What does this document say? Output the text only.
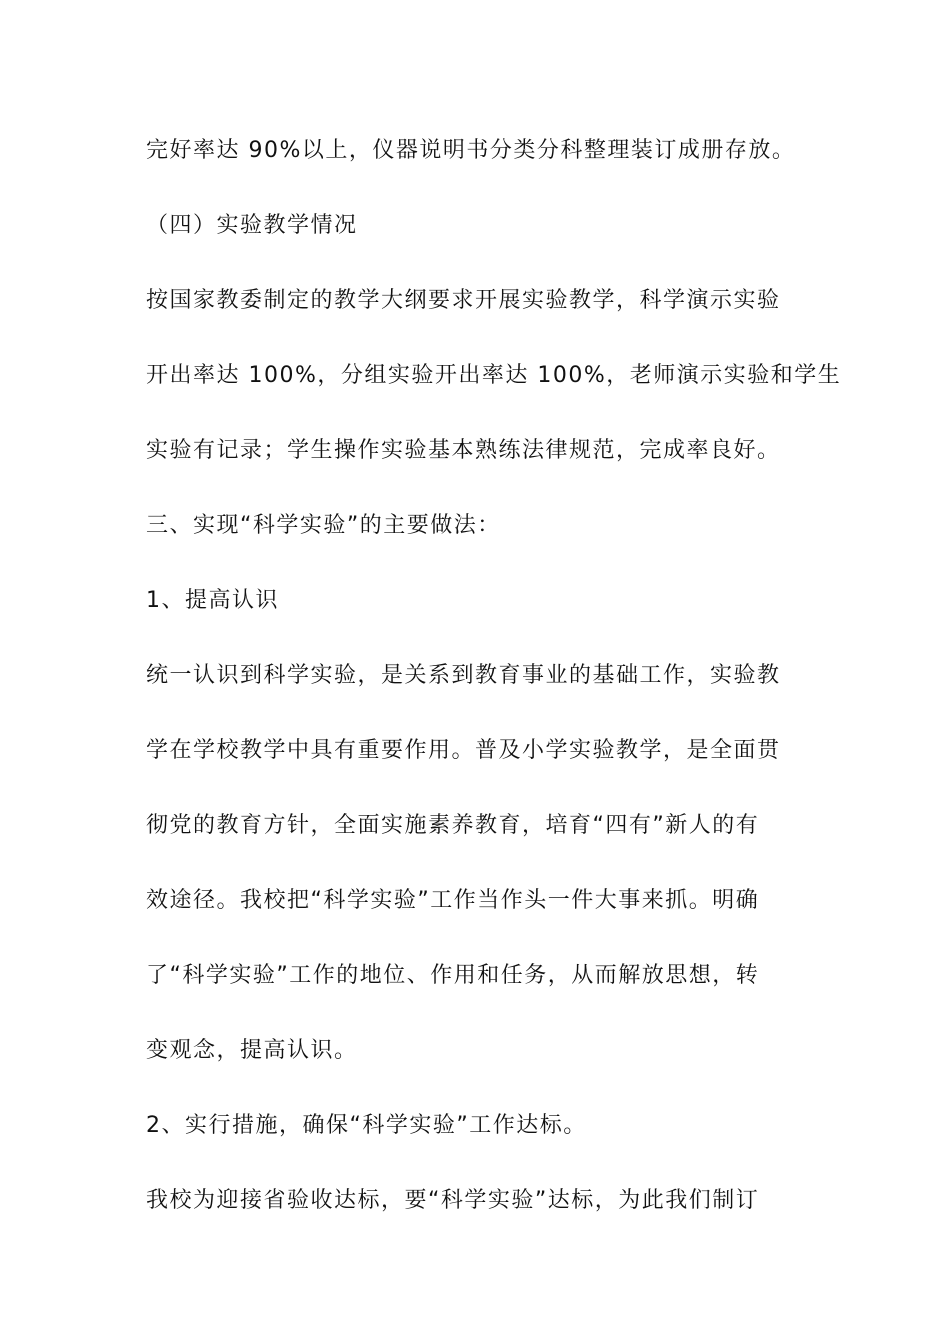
完好率达 90%以上，仪器说明书分类分科整理装订成册存放。
（四）实验教学情况
按国家教委制定的教学大纲要求开展实验教学，科学演示实验
开出率达 100%，分组实验开出率达 100%，老师演示实验和学生
实验有记录；学生操作实验基本熟练法律规范，完成率良好。
三、实现“科学实验”的主要做法：
1、提高认识
统一认识到科学实验，是关系到教育事业的基础工作，实验教
学在学校教学中具有重要作用。普及小学实验教学，是全面贯
彻党的教育方针，全面实施素养教育，培育“四有”新人的有
效途径。我校把“科学实验”工作当作头一件大事来抓。明确
了“科学实验”工作的地位、作用和任务，从而解放思想，转
变观念，提高认识。
2、实行措施，确保“科学实验”工作达标。
我校为迎接省验收达标，要“科学实验”达标，为此我们制订
